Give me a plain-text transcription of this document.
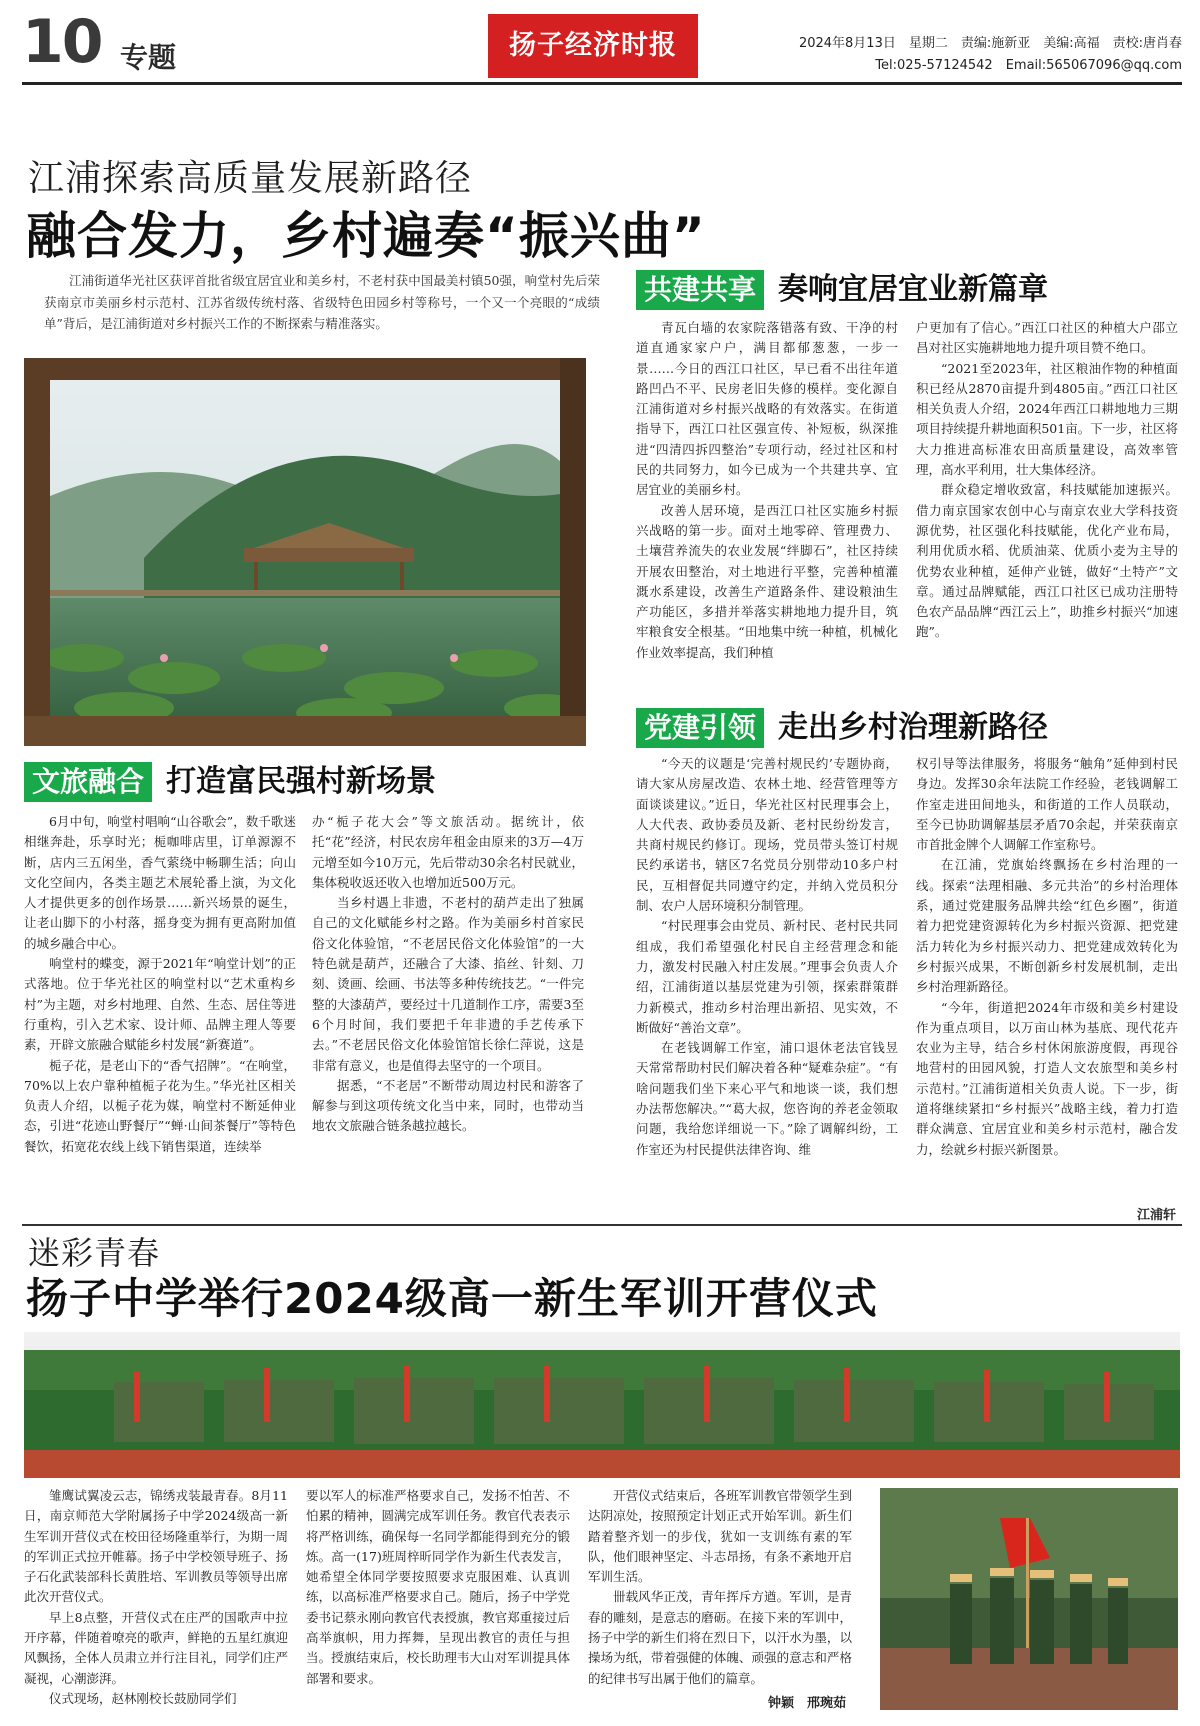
10 专题	扬子经济时报	2024年8月13日　星期二　责编:施新亚　美编:高福　责校:唐肖春
Tel:025-57124542　Email:565067096@qq.com
江浦探索高质量发展新路径
融合发力，乡村遍奏“振兴曲”
江浦街道华光社区获评首批省级宜居宜业和美乡村，不老村获中国最美村镇50强，响堂村先后荣获南京市美丽乡村示范村、江苏省级传统村落、省级特色田园乡村等称号，一个又一个亮眼的“成绩单”背后，是江浦街道对乡村振兴工作的不断探索与精准落实。
文旅融合 打造富民强村新场景

6月中旬，响堂村唱响“山谷歌会”，数千歌迷相继奔赴，乐享时光；栀咖啡店里，订单源源不断，店内三五闲坐，香气萦绕中畅聊生活；向山文化空间内，各类主题艺术展轮番上演，为文化人才提供更多的创作场景……新兴场景的诞生，让老山脚下的小村落，摇身变为拥有更高附加值的城乡融合中心。

响堂村的蝶变，源于2021年“响堂计划”的正式落地。位于华光社区的响堂村以“艺术重构乡村”为主题，对乡村地理、自然、生态、居住等进行重构，引入艺术家、设计师、品牌主理人等要素，开辟文旅融合赋能乡村发展“新赛道”。

栀子花，是老山下的“香气招牌”。“在响堂，70%以上农户靠种植栀子花为生。”华光社区相关负责人介绍，以栀子花为媒，响堂村不断延伸业态，引进“花迹山野餐厅”“蝉·山间茶餐厅”等特色餐饮，拓宽花农线上线下销售渠道，连续举

办“栀子花大会”等文旅活动。据统计，依托“花”经济，村民农房年租金由原来的3万—4万元增至如今10万元，先后带动30余名村民就业，集体税收返还收入也增加近500万元。

当乡村遇上非遗，不老村的葫芦走出了独属自己的文化赋能乡村之路。作为美丽乡村首家民俗文化体验馆，“不老居民俗文化体验馆”的一大特色就是葫芦，还融合了大漆、掐丝、针刻、刀刻、烫画、绘画、书法等多种传统技艺。“一件完整的大漆葫芦，要经过十几道制作工序，需要3至6个月时间，我们要把千年非遗的手艺传承下去。”不老居民俗文化体验馆馆长徐仁萍说，这是非常有意义，也是值得去坚守的一个项目。

据悉，“不老居”不断带动周边村民和游客了解参与到这项传统文化当中来，同时，也带动当地农文旅融合链条越拉越长。

共建共享 奏响宜居宜业新篇章

青瓦白墙的农家院落错落有致、干净的村道直通家家户户，满目都郁葱葱，一步一景……今日的西江口社区，早已看不出往年道路凹凸不平、民房老旧失修的模样。变化源自江浦街道对乡村振兴战略的有效落实。在街道指导下，西江口社区强宣传、补短板，纵深推进“四清四拆四整治”专项行动，经过社区和村民的共同努力，如今已成为一个共建共享、宜居宜业的美丽乡村。

改善人居环境，是西江口社区实施乡村振兴战略的第一步。面对土地零碎、管理费力、土壤营养流失的农业发展“绊脚石”，社区持续开展农田整治，对土地进行平整，完善种植灌溉水系建设，改善生产道路条件、建设粮油生产功能区，多措并举落实耕地地力提升目，筑牢粮食安全根基。“田地集中统一种植，机械化作业效率提高，我们种植

户更加有了信心。”西江口社区的种植大户邵立昌对社区实施耕地地力提升项目赞不绝口。

“2021至2023年，社区粮油作物的种植面积已经从2870亩提升到4805亩。”西江口社区相关负责人介绍，2024年西江口耕地地力三期项目持续提升耕地面积501亩。下一步，社区将大力推进高标准农田高质量建设，高效率管理，高水平利用，壮大集体经济。

群众稳定增收致富，科技赋能加速振兴。借力南京国家农创中心与南京农业大学科技资源优势，社区强化科技赋能，优化产业布局，利用优质水稻、优质油菜、优质小麦为主导的优势农业种植，延伸产业链，做好“土特产”文章。通过品牌赋能，西江口社区已成功注册特色农产品品牌“西江云上”，助推乡村振兴“加速跑”。

党建引领 走出乡村治理新路径

“今天的议题是‘完善村规民约’专题协商，请大家从房屋改造、农林土地、经营管理等方面谈谈建议。”近日，华光社区村民理事会上，人大代表、政协委员及新、老村民纷纷发言，共商村规民约修订。现场，党员带头签订村规民约承诺书，辖区7名党员分别带动10多户村民，互相督促共同遵守约定，并纳入党员积分制、农户人居环境积分制管理。

“村民理事会由党员、新村民、老村民共同组成，我们希望强化村民自主经营理念和能力，激发村民融入村庄发展。”理事会负责人介绍，江浦街道以基层党建为引领，探索群策群力新模式，推动乡村治理出新招、见实效，不断做好“善治文章”。

在老钱调解工作室，浦口退休老法官钱昱天常常帮助村民们解决着各种“疑难杂症”。“有啥问题我们坐下来心平气和地谈一谈，我们想办法帮您解决。”“葛大叔，您咨询的养老金领取问题，我给您详细说一下。”除了调解纠纷，工作室还为村民提供法律咨询、维

权引导等法律服务，将服务“触角”延伸到村民身边。发挥30余年法院工作经验，老钱调解工作室走进田间地头，和街道的工作人员联动，至今已协助调解基层矛盾70余起，并荣获南京市首批金牌个人调解工作室称号。

在江浦，党旗始终飘扬在乡村治理的一线。探索“法理相融、多元共治”的乡村治理体系，通过党建服务品牌共绘“红色乡圈”，街道着力把党建资源转化为乡村振兴资源、把党建活力转化为乡村振兴动力、把党建成效转化为乡村振兴成果，不断创新乡村发展机制，走出乡村治理新路径。

“今年，街道把2024年市级和美乡村建设作为重点项目，以万亩山林为基底、现代花卉农业为主导，结合乡村休闲旅游度假，再现谷地营村的田园风貌，打造人文农旅型和美乡村示范村。”江浦街道相关负责人说。下一步，街道将继续紧扣“乡村振兴”战略主线，着力打造群众满意、宜居宜业和美乡村示范村，融合发力，绘就乡村振兴新图景。

江浦轩
迷彩青春
扬子中学举行2024级高一新生军训开营仪式

雏鹰试翼凌云志，锦绣戎装最青春。8月11日，南京师范大学附属扬子中学2024级高一新生军训开营仪式在校田径场隆重举行，为期一周的军训正式拉开帷幕。扬子中学校领导班子、扬子石化武装部科长黄胜培、军训教员等领导出席此次开营仪式。

早上8点整，开营仪式在庄严的国歌声中拉开序幕，伴随着嘹亮的歌声，鲜艳的五星红旗迎风飘扬，全体人员肃立并行注目礼，同学们庄严凝视，心潮澎湃。

仪式现场，赵林刚校长鼓励同学们

要以军人的标准严格要求自己，发扬不怕苦、不怕累的精神，圆满完成军训任务。教官代表表示将严格训练，确保每一名同学都能得到充分的锻炼。高一(17)班周梓昕同学作为新生代表发言，她希望全体同学要按照要求克服困难、认真训练，以高标准严格要求自己。随后，扬子中学党委书记蔡永刚向教官代表授旗，教官郑重接过后高举旗帜，用力挥舞，呈现出教官的责任与担当。授旗结束后，校长助理韦大山对军训提具体部署和要求。

开营仪式结束后，各班军训教官带领学生到达阴凉处，按照预定计划正式开始军训。新生们踏着整齐划一的步伐，犹如一支训练有素的军队，他们眼神坚定、斗志昂扬，有条不紊地开启军训生活。

卌载风华正茂，青年挥斥方遒。军训，是青春的雕刻，是意志的磨砺。在接下来的军训中，扬子中学的新生们将在烈日下，以汗水为墨，以操场为纸，带着强健的体魄、顽强的意志和严格的纪律书写出属于他们的篇章。

钟颖　邢琬茹
